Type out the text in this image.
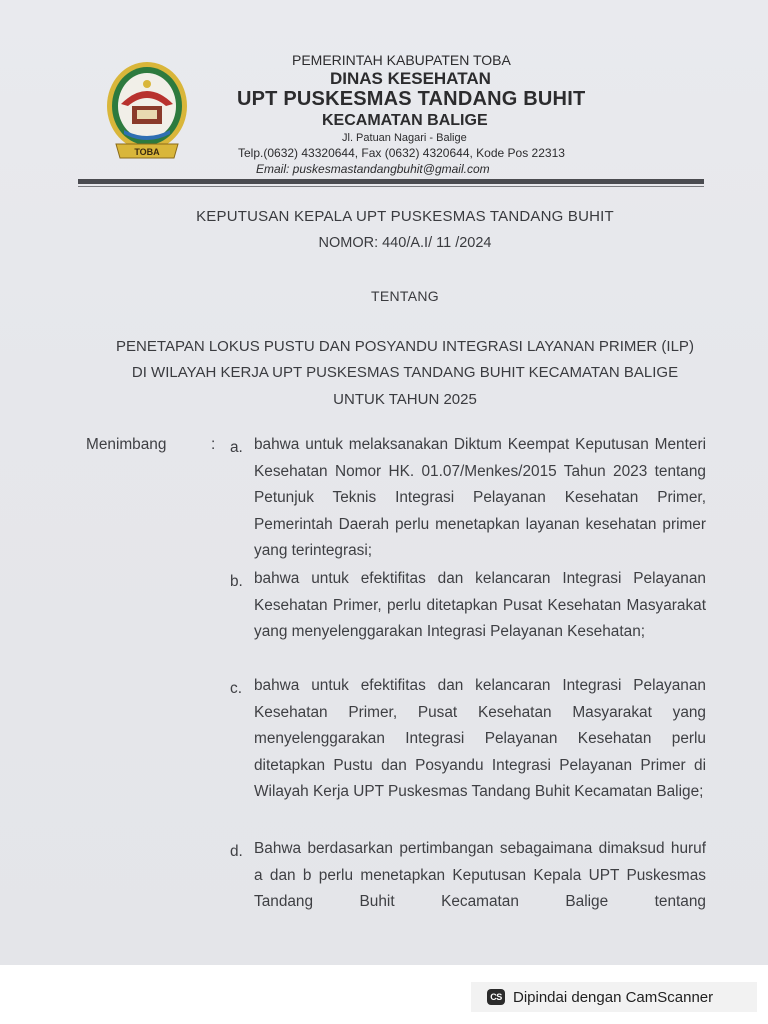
TOBA
PEMERINTAH KABUPATEN TOBA
DINAS KESEHATAN
UPT PUSKESMAS TANDANG BUHIT
KECAMATAN BALIGE
Jl. Patuan Nagari - Balige
Telp.(0632) 43320644, Fax (0632) 4320644, Kode Pos 22313
Email: puskesmastandangbuhit@gmail.com
KEPUTUSAN KEPALA UPT PUSKESMAS TANDANG BUHIT
NOMOR: 440/A.I/ 11 /2024
TENTANG
PENETAPAN LOKUS PUSTU DAN POSYANDU INTEGRASI LAYANAN PRIMER (ILP)
DI WILAYAH KERJA UPT PUSKESMAS TANDANG BUHIT KECAMATAN BALIGE
UNTUK TAHUN 2025
Menimbang	: a. bahwa untuk melaksanakan Diktum Keempat Keputusan Menteri Kesehatan Nomor HK. 01.07/Menkes/2015 Tahun 2023 tentang Petunjuk Teknis Integrasi Pelayanan Kesehatan Primer, Pemerintah Daerah perlu menetapkan layanan kesehatan primer yang terintegrasi;
b. bahwa untuk efektifitas dan kelancaran Integrasi Pelayanan Kesehatan Primer, perlu ditetapkan Pusat Kesehatan Masyarakat yang menyelenggarakan Integrasi Pelayanan Kesehatan;
c. bahwa untuk efektifitas dan kelancaran Integrasi Pelayanan Kesehatan Primer, Pusat Kesehatan Masyarakat yang menyelenggarakan Integrasi Pelayanan Kesehatan perlu ditetapkan Pustu dan Posyandu Integrasi Pelayanan Primer di Wilayah Kerja UPT Puskesmas Tandang Buhit Kecamatan Balige;
d. Bahwa berdasarkan pertimbangan sebagaimana dimaksud huruf a dan b perlu menetapkan Keputusan Kepala UPT Puskesmas Tandang Buhit Kecamatan Balige tentang
CS Dipindai dengan CamScanner
